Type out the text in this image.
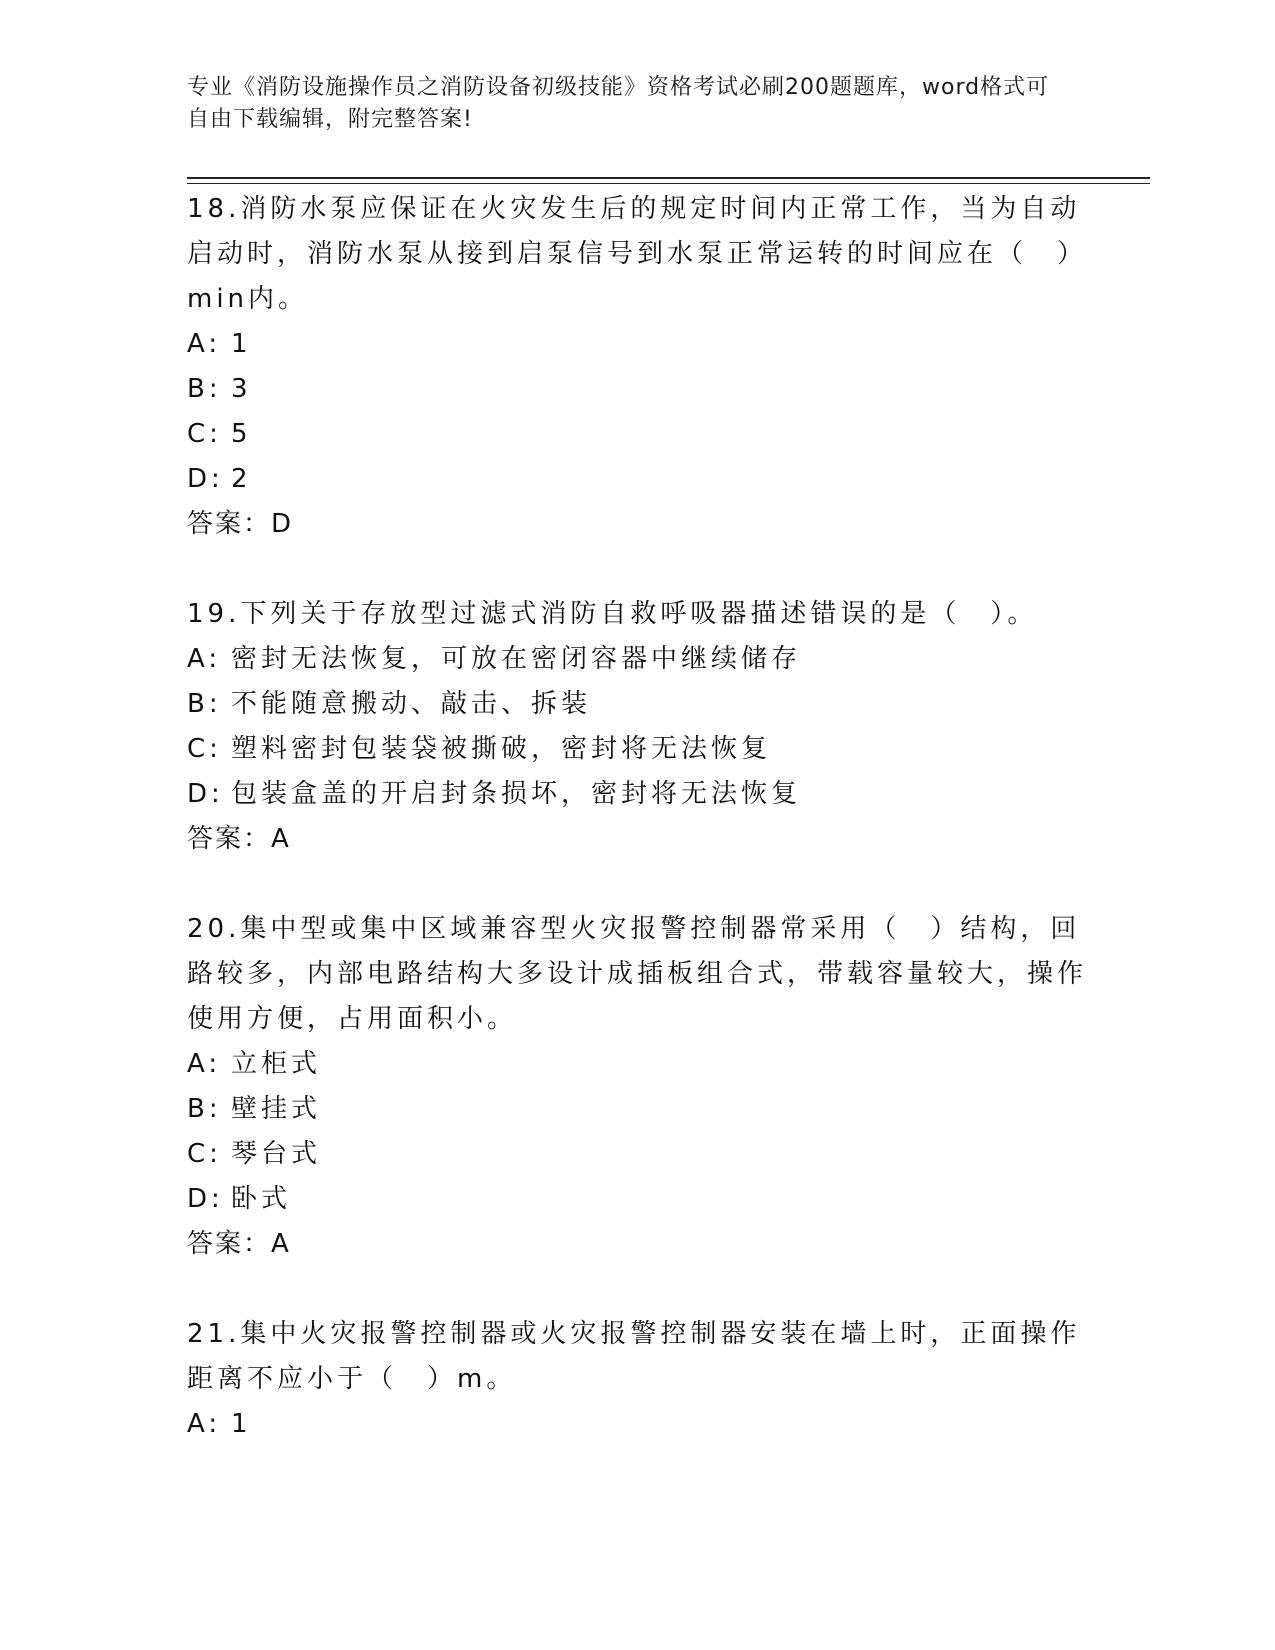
专业《消防设施操作员之消防设备初级技能》资格考试必刷200题题库，word格式可自由下载编辑，附完整答案!

18.消防水泵应保证在火灾发生后的规定时间内正常工作，当为自动启动时，消防水泵从接到启泵信号到水泵正常运转的时间应在（　）min内。

A: 1

B: 3

C: 5

D: 2

答案：D

19.下列关于存放型过滤式消防自救呼吸器描述错误的是（　）。

A: 密封无法恢复，可放在密闭容器中继续储存

B: 不能随意搬动、敲击、拆装

C: 塑料密封包装袋被撕破，密封将无法恢复

D: 包装盒盖的开启封条损坏，密封将无法恢复

答案：A

20.集中型或集中区域兼容型火灾报警控制器常采用（　）结构，回路较多，内部电路结构大多设计成插板组合式，带载容量较大，操作使用方便，占用面积小。

A: 立柜式

B: 壁挂式

C: 琴台式

D: 卧式

答案：A

21.集中火灾报警控制器或火灾报警控制器安装在墙上时，正面操作距离不应小于（　）m。

A: 1
